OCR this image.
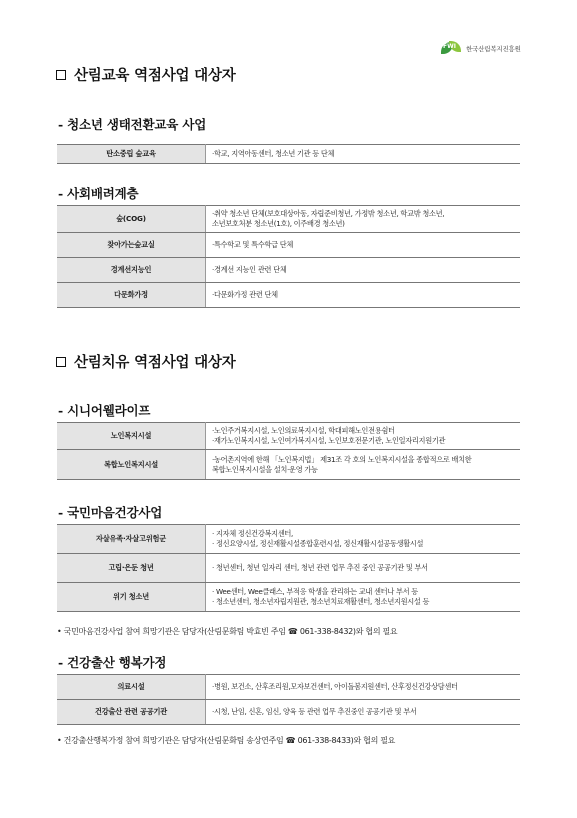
FWI 한국산림복지진흥원
산림교육 역점사업 대상자
- 청소년 생태전환교육 사업
탄소중립 숲교육	·학교, 지역아동센터, 청소년 기관 등 단체
- 사회배려계층
숲(COG)	·취약 청소년 단체(보호대상아동, 자립준비청년, 가정밖 청소년, 학교밖 청소년,
소년보호처분 청소년(1호), 이주배경 청소년)

찾아가는숲교실	·특수학교 및 특수학급 단체
경계선지능인	·경계선 지능인 관련 단체
다문화가정	·다문화가정 관련 단체
산림치유 역점사업 대상자
- 시니어웰라이프
노인복지시설	·노인주거복지시설, 노인의료복지시설, 학대피해노인전용쉼터
·재가노인복지시설, 노인여가복지시설, 노인보호전문기관, 노인일자리지원기관

복합노인복지시설	·농어촌지역에 한해 「노인복지법」 제31조 각 호의 노인복지시설을 종합적으로 배치한
복합노인복지시설을 설치·운영 가능
- 국민마음건강사업
자살유족·자살고위험군	· 지자체 정신건강복지센터,
· 정신요양시설, 정신재활시설종합훈련시설, 정신재활시설공동생활시설

고립·은둔 청년	· 청년센터, 청년 일자리 센터, 청년 관련 업무 추진 중인 공공기관 및 부서
위기 청소년	· Wee센터, Wee클래스, 부적응 학생을 관리하는 교내 센터나 부서 등
· 청소년센터, 청소년자립지원관, 청소년치료재활센터, 청소년지원시설 등
• 국민마음건강사업 참여 희망기관은 담당자(산림문화팀 박효빈 주임 ☎ 061-338-8432)와 협의 필요
- 건강출산 행복가정
의료시설	·병원, 보건소, 산후조리원,모자보건센터, 아이돌봄지원센터, 산후정신건강상담센터
건강출산 관련 공공기관	·시청, 난임, 신혼, 임신, 양육 등 관련 업무 추진중인 공공기관 및 부서
• 건강출산행복가정 참여 희망기관은 담당자(산림문화팀 송상연주임 ☎ 061-338-8433)와 협의 필요
